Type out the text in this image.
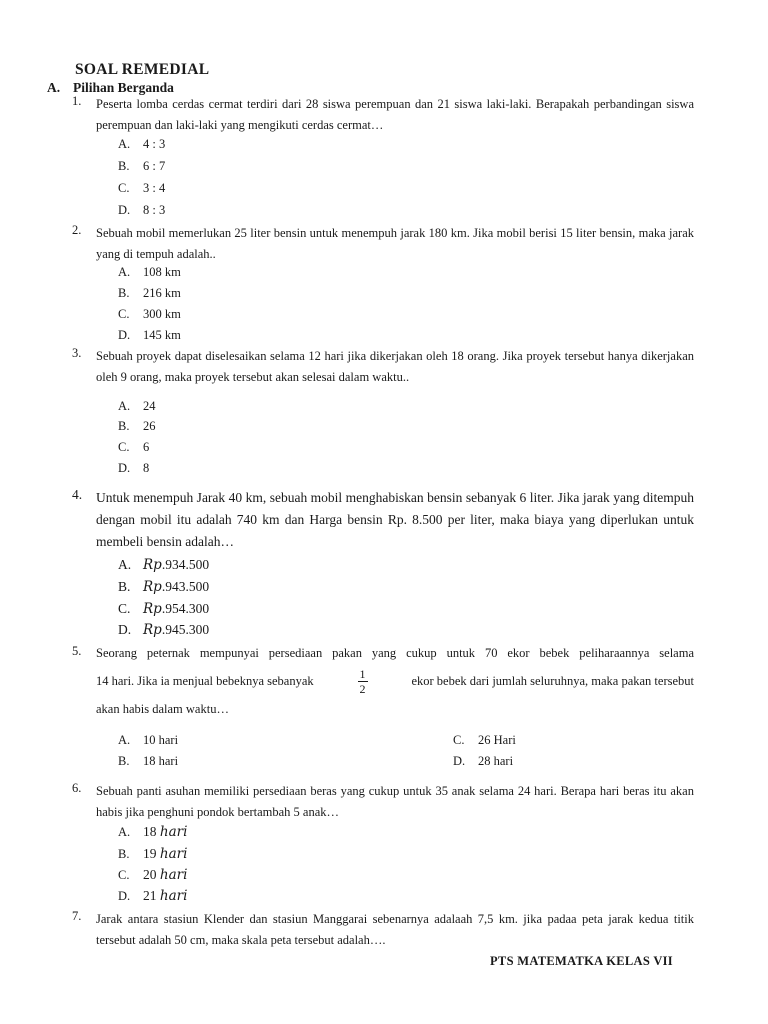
SOAL REMEDIAL
A. Pilihan Berganda
1. Peserta lomba cerdas cermat terdiri dari 28 siswa perempuan dan 21 siswa laki-laki. Berapakah perbandingan siswa perempuan dan laki-laki yang mengikuti cerdas cermat…
A. 4 : 3
B. 6 : 7
C. 3 : 4
D. 8 : 3
2. Sebuah mobil memerlukan 25 liter bensin untuk menempuh jarak 180 km. Jika mobil berisi 15 liter bensin, maka jarak yang di tempuh adalah..
A. 108 km
B. 216 km
C. 300 km
D. 145 km
3. Sebuah proyek dapat diselesaikan selama 12 hari jika dikerjakan oleh 18 orang. Jika proyek tersebut hanya dikerjakan oleh 9 orang, maka proyek tersebut akan selesai dalam waktu..
A. 24
B. 26
C. 6
D. 8
4. Untuk menempuh Jarak 40 km, sebuah mobil menghabiskan bensin sebanyak 6 liter. Jika jarak yang ditempuh dengan mobil itu adalah 740 km dan Harga bensin Rp. 8.500 per liter, maka biaya yang diperlukan untuk membeli bensin adalah…
A. Rp.934.500
B. Rp.943.500
C. Rp.954.300
D. Rp.945.300
5. Seorang peternak mempunyai persediaan pakan yang cukup untuk 70 ekor bebek peliharaannya selama
14 hari. Jika ia menjual bebeknya sebanyak	$\frac{1}{2}$	ekor bebek dari jumlah seluruhnya, maka pakan tersebut
akan habis dalam waktu…
A. 10 hari
B. 18 hari
C. 26 Hari
D. 28 hari
6. Sebuah panti asuhan memiliki persediaan beras yang cukup untuk 35 anak selama 24 hari. Berapa hari beras itu akan habis jika penghuni pondok bertambah 5 anak…
A. 18 hari
B. 19 hari
C. 20 hari
D. 21 hari
7. Jarak antara stasiun Klender dan stasiun Manggarai sebenarnya adalaah 7,5 km. jika padaa peta jarak kedua titik tersebut adalah 50 cm, maka skala peta tersebut adalah….
PTS MATEMATKA KELAS VII
